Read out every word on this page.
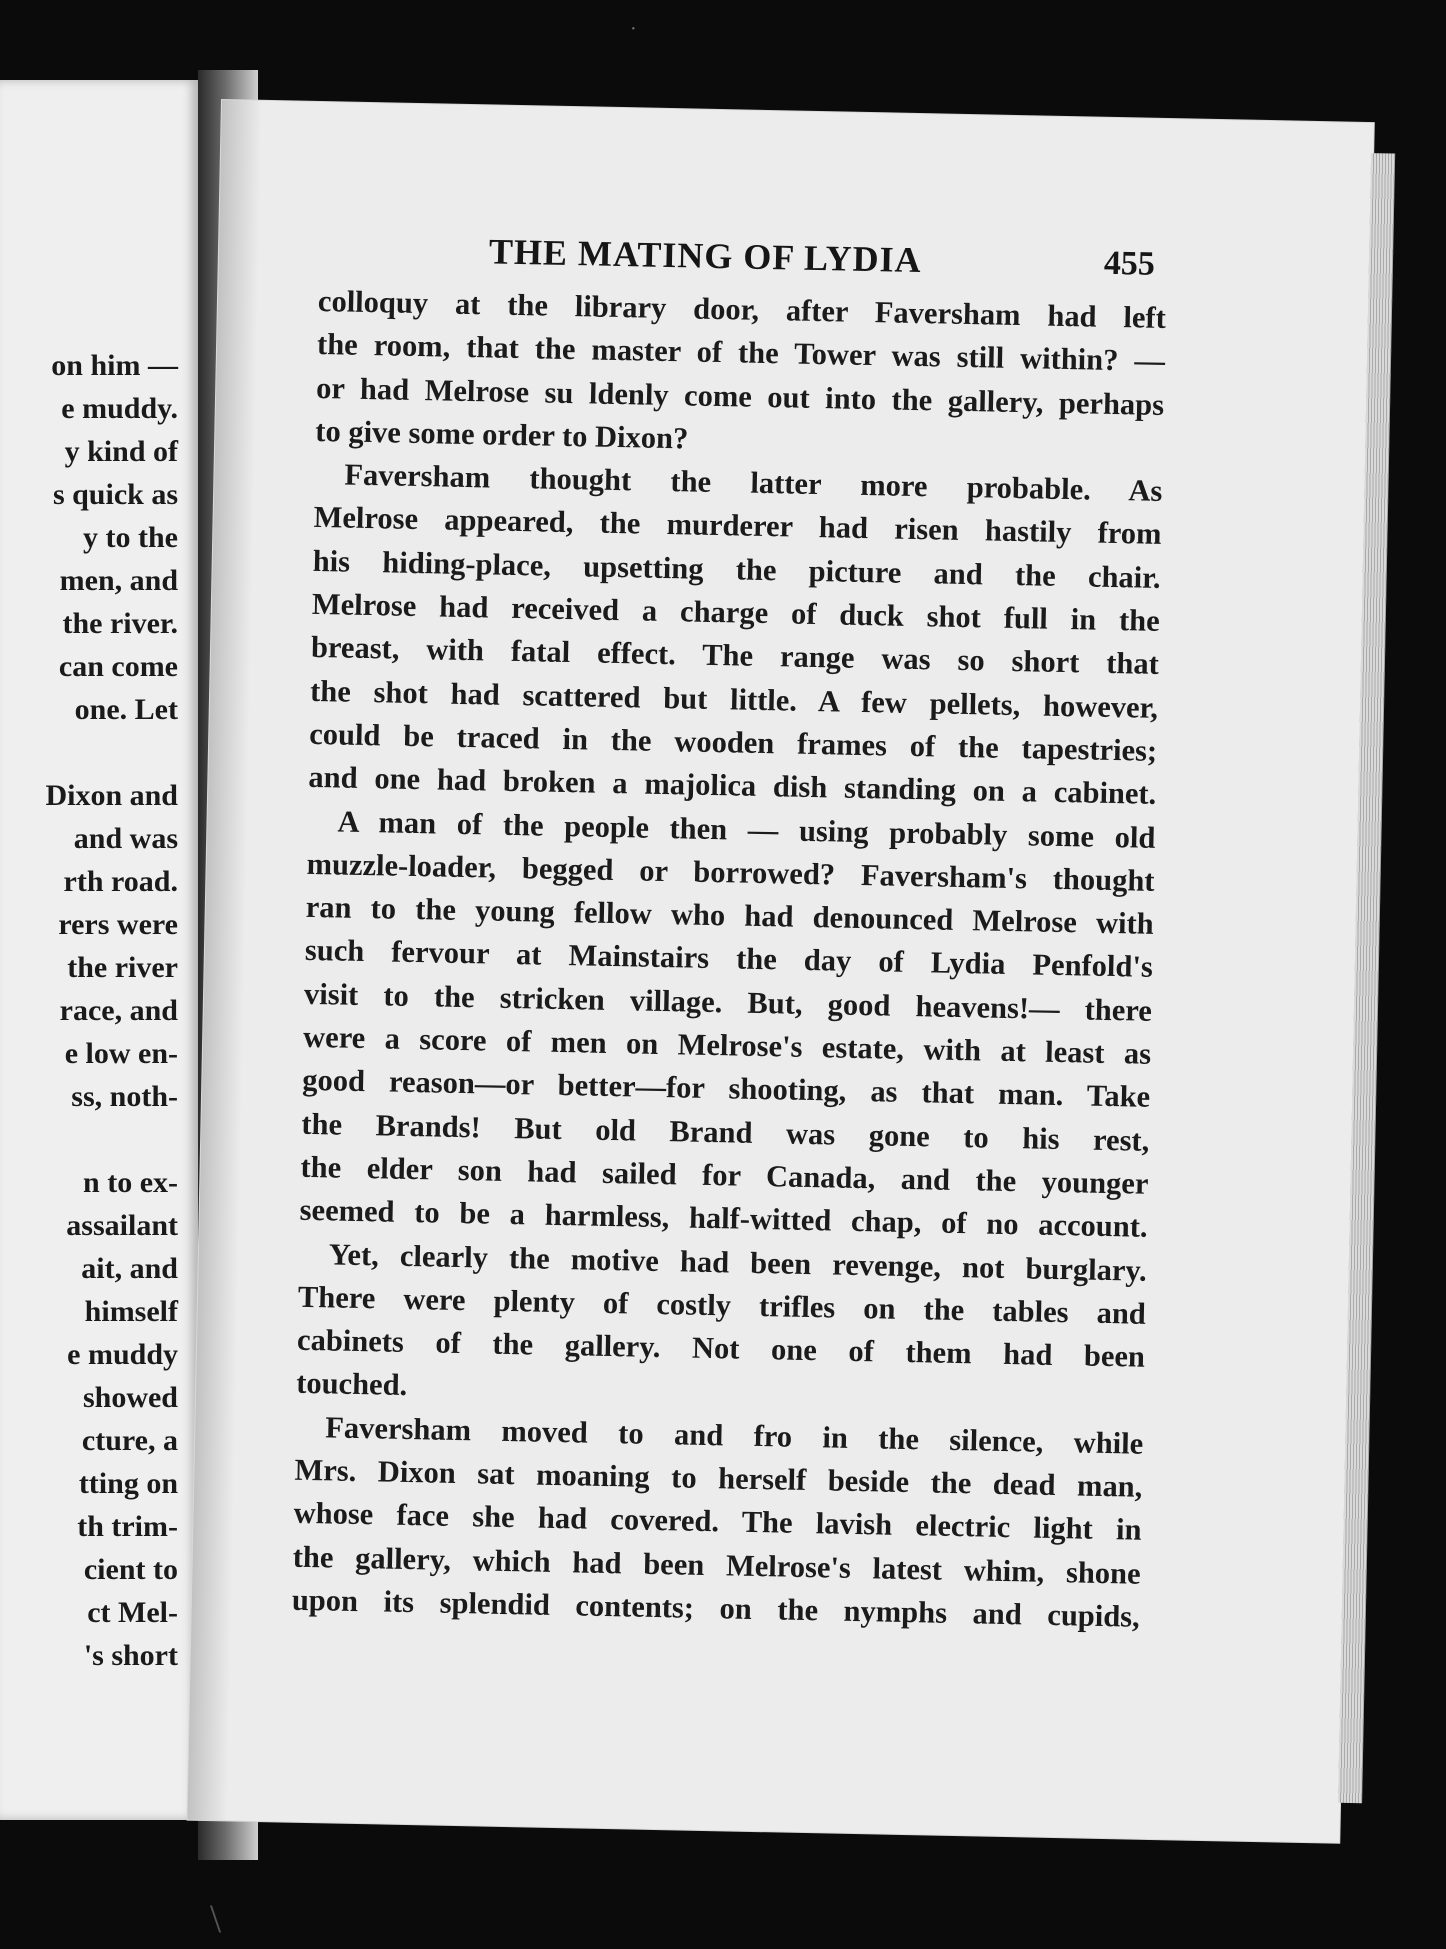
on him —
e muddy.
y kind of
s quick as
y to the
men, and
the river.
can come
one. Let
Dixon and
and was
rth road.
rers were
the river
race, and
e low en-
ss, noth-
n to ex-
assailant
ait, and
himself
e muddy
showed
cture, a
tting on
th trim-
cient to
ct Mel-
's short
THE MATING OF LYDIA	455
colloquy at the library door, after Faversham had left
the room, that the master of the Tower was still within? —
or had Melrose su ldenly come out into the gallery, perhaps
to give some order to Dixon?
Faversham thought the latter more probable. As
Melrose appeared, the murderer had risen hastily from
his hiding-place, upsetting the picture and the chair.
Melrose had received a charge of duck shot full in the
breast, with fatal effect. The range was so short that
the shot had scattered but little. A few pellets, however,
could be traced in the wooden frames of the tapestries;
and one had broken a majolica dish standing on a cabinet.
A man of the people then — using probably some old
muzzle-loader, begged or borrowed? Faversham's thought
ran to the young fellow who had denounced Melrose with
such fervour at Mainstairs the day of Lydia Penfold's
visit to the stricken village. But, good heavens!— there
were a score of men on Melrose's estate, with at least as
good reason—or better—for shooting, as that man. Take
the Brands! But old Brand was gone to his rest,
the elder son had sailed for Canada, and the younger
seemed to be a harmless, half-witted chap, of no account.
Yet, clearly the motive had been revenge, not burglary.
There were plenty of costly trifles on the tables and
cabinets of the gallery. Not one of them had been
touched.
Faversham moved to and fro in the silence, while
Mrs. Dixon sat moaning to herself beside the dead man,
whose face she had covered. The lavish electric light in
the gallery, which had been Melrose's latest whim, shone
upon its splendid contents; on the nymphs and cupids,
·
\
